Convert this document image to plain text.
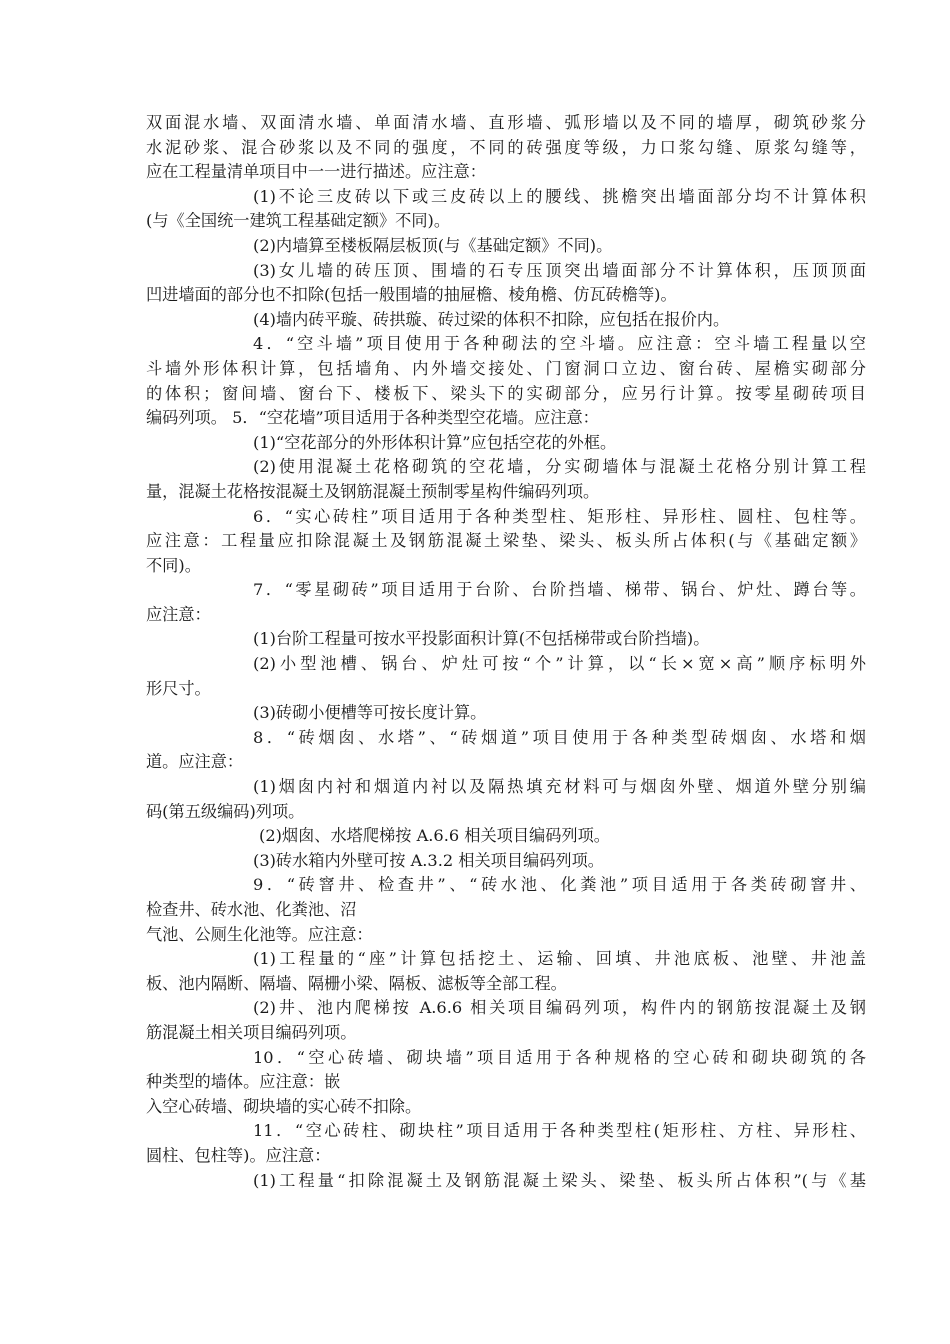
双面混水墙、双面清水墙、单面清水墙、直形墙、弧形墙以及不同的墙厚，砌筑砂浆分
水泥砂浆、混合砂浆以及不同的强度，不同的砖强度等级，力口浆勾缝、原浆勾缝等，
应在工程量清单项目中一一进行描述。应注意：
(1)不论三皮砖以下或三皮砖以上的腰线、挑檐突出墙面部分均不计算体积
(与《全国统一建筑工程基础定额》不同)。
(2)内墙算至楼板隔层板顶(与《基础定额》不同)。
(3)女儿墙的砖压顶、围墙的石专压顶突出墙面部分不计算体积，压顶顶面
凹进墙面的部分也不扣除(包括一般围墙的抽屉檐、棱角檐、仿瓦砖檐等)。
(4)墙内砖平璇、砖拱璇、砖过梁的体积不扣除，应包括在报价内。
4．“空斗墙”项目使用于各种砌法的空斗墙。应注意：空斗墙工程量以空
斗墙外形体积计算，包括墙角、内外墙交接处、门窗洞口立边、窗台砖、屋檐实砌部分
的体积；窗间墙、窗台下、楼板下、梁头下的实砌部分，应另行计算。按零星砌砖项目
编码列项。 5．“空花墙”项目适用于各种类型空花墙。应注意：
(1)“空花部分的外形体积计算”应包括空花的外框。
(2)使用混凝土花格砌筑的空花墙，分实砌墙体与混凝土花格分别计算工程
量，混凝土花格按混凝土及钢筋混凝土预制零星构件编码列项。
6．“实心砖柱”项目适用于各种类型柱、矩形柱、异形柱、圆柱、包柱等。
应注意：工程量应扣除混凝土及钢筋混凝土梁垫、梁头、板头所占体积(与《基础定额》
不同)。
7．“零星砌砖”项目适用于台阶、台阶挡墙、梯带、锅台、炉灶、蹲台等。
应注意：
(1)台阶工程量可按水平投影面积计算(不包括梯带或台阶挡墙)。
(2)小型池槽、锅台、炉灶可按“个”计算，以“长×宽×高”顺序标明外
形尺寸。
(3)砖砌小便槽等可按长度计算。
8．“砖烟囱、水塔”、“砖烟道”项目使用于各种类型砖烟囱、水塔和烟
道。应注意：
(1)烟囱内衬和烟道内衬以及隔热填充材料可与烟囱外壁、烟道外壁分别编
码(第五级编码)列项。
(2)烟囱、水塔爬梯按 A.6.6 相关项目编码列项。
(3)砖水箱内外壁可按 A.3.2 相关项目编码列项。
9．“砖窨井、检查井”、“砖水池、化粪池”项目适用于各类砖砌窨井、
检查井、砖水池、化粪池、沼
气池、公厕生化池等。应注意：
(1)工程量的“座”计算包括挖土、运输、回填、井池底板、池壁、井池盖
板、池内隔断、隔墙、隔栅小梁、隔板、滤板等全部工程。
(2)井、池内爬梯按 A.6.6 相关项目编码列项，构件内的钢筋按混凝土及钢
筋混凝土相关项目编码列项。
10．“空心砖墙、砌块墙”项目适用于各种规格的空心砖和砌块砌筑的各
种类型的墙体。应注意：嵌
入空心砖墙、砌块墙的实心砖不扣除。
11．“空心砖柱、砌块柱”项目适用于各种类型柱(矩形柱、方柱、异形柱、
圆柱、包柱等)。应注意：
(1)工程量“扣除混凝土及钢筋混凝土梁头、梁垫、板头所占体积”(与《基
